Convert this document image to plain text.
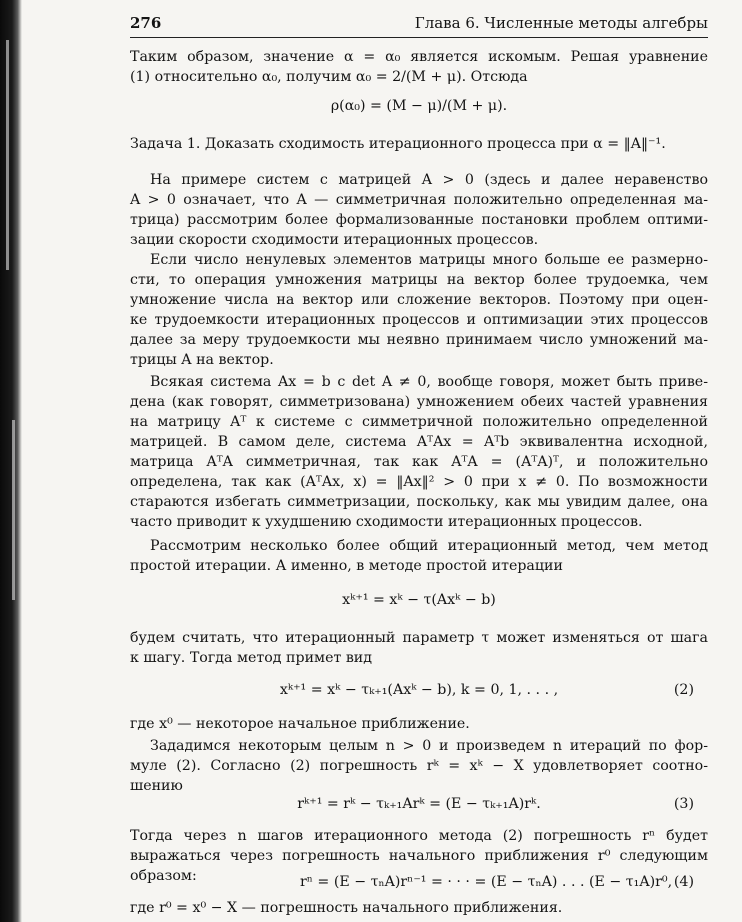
276	Глава 6. Численные методы алгебры
Таким образом, значение α = α₀ является искомым. Решая уравнение
(1) относительно α₀, получим α₀ = 2/(M + μ). Отсюда
ρ(α₀) = (M − μ)/(M + μ).
Задача 1. Доказать сходимость итерационного процесса при α = ‖A‖⁻¹.
На примере систем с матрицей A > 0 (здесь и далее неравенство
A > 0 означает, что A — симметричная положительно определенная ма-
трица) рассмотрим более формализованные постановки проблем оптими-
зации скорости сходимости итерационных процессов.
Если число ненулевых элементов матрицы много больше ее размерно-
сти, то операция умножения матрицы на вектор более трудоемка, чем
умножение числа на вектор или сложение векторов. Поэтому при оцен-
ке трудоемкости итерационных процессов и оптимизации этих процессов
далее за меру трудоемкости мы неявно принимаем число умножений ма-
трицы A на вектор.
Всякая система Ax = b с det A ≠ 0, вообще говоря, может быть приве-
дена (как говорят, симметризована) умножением обеих частей уравнения
на матрицу Aᵀ к системе с симметричной положительно определенной
матрицей. В самом деле, система AᵀAx = Aᵀb эквивалентна исходной,
матрица AᵀA симметричная, так как AᵀA = (AᵀA)ᵀ, и положительно
определена, так как (AᵀAx, x) = ‖Ax‖² > 0 при x ≠ 0. По возможности
стараются избегать симметризации, поскольку, как мы увидим далее, она
часто приводит к ухудшению сходимости итерационных процессов.
Рассмотрим несколько более общий итерационный метод, чем метод
простой итерации. А именно, в методе простой итерации
xᵏ⁺¹ = xᵏ − τ(Axᵏ − b)
будем считать, что итерационный параметр τ может изменяться от шага
к шагу. Тогда метод примет вид
xᵏ⁺¹ = xᵏ − τₖ₊₁(Axᵏ − b), k = 0, 1, . . . ,	(2)
где x⁰ — некоторое начальное приближение.
Зададимся некоторым целым n > 0 и произведем n итераций по фор-
муле (2). Согласно (2) погрешность rᵏ = xᵏ − X удовлетворяет соотно-
шению
rᵏ⁺¹ = rᵏ − τₖ₊₁Arᵏ = (E − τₖ₊₁A)rᵏ.	(3)
Тогда через n шагов итерационного метода (2) погрешность rⁿ будет
выражаться через погрешность начального приближения r⁰ следующим
образом:	rⁿ = (E − τₙA)rⁿ⁻¹ = · · · = (E − τₙA) . . . (E − τ₁A)r⁰, (4)
где r⁰ = x⁰ − X — погрешность начального приближения.
